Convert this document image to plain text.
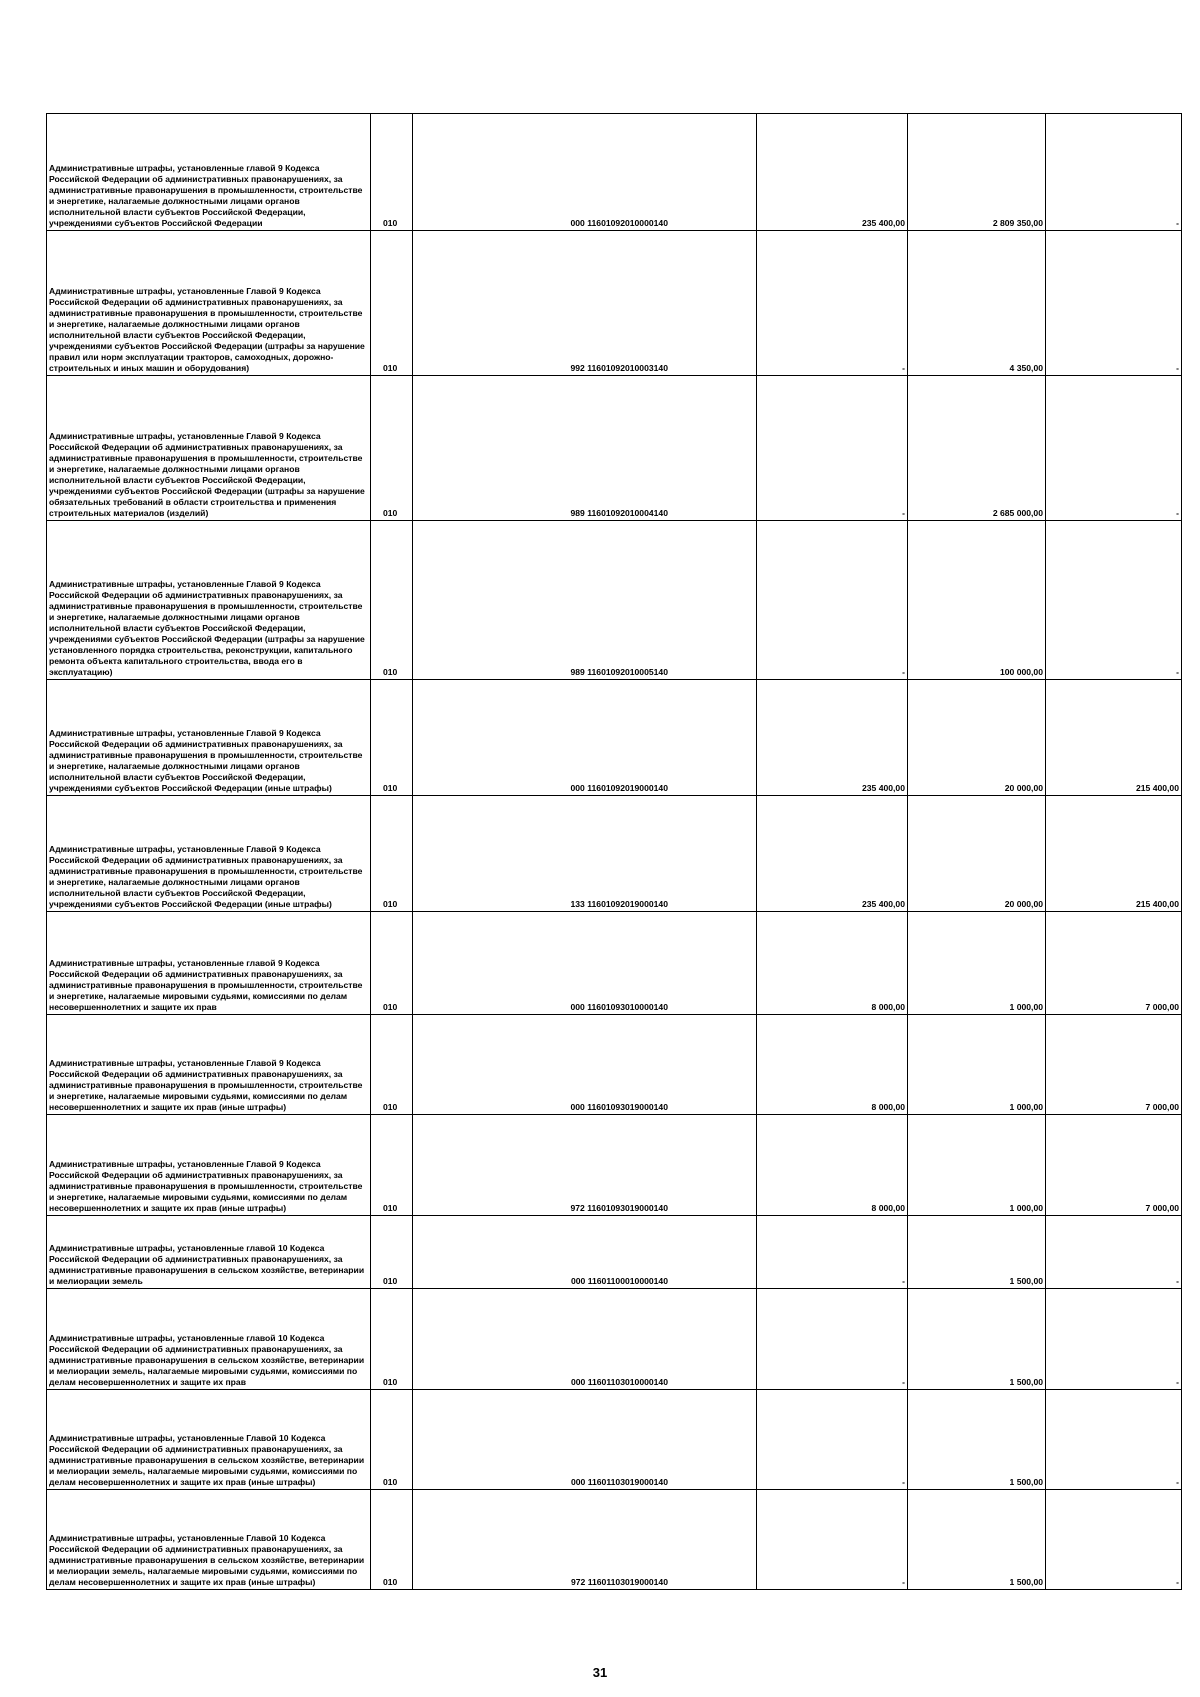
Административные штрафы, установленные главой 9 Кодекса Российской Федерации об административных правонарушениях, за административные правонарушения в промышленности, строительстве и энергетике, налагаемые должностными лицами органов исполнительной власти субъектов Российской Федерации, учреждениями субъектов Российской Федерации	010	000 11601092010000140	235 400,00	2 809 350,00	-
Административные штрафы, установленные Главой 9 Кодекса Российской Федерации об административных правонарушениях, за административные правонарушения в промышленности, строительстве и энергетике, налагаемые должностными лицами органов исполнительной власти субъектов Российской Федерации, учреждениями субъектов Российской Федерации (штрафы за нарушение правил или норм эксплуатации тракторов, самоходных, дорожно-строительных и иных машин и оборудования)	010	992 11601092010003140	-	4 350,00	-
Административные штрафы, установленные Главой 9 Кодекса Российской Федерации об административных правонарушениях, за административные правонарушения в промышленности, строительстве и энергетике, налагаемые должностными лицами органов исполнительной власти субъектов Российской Федерации, учреждениями субъектов Российской Федерации (штрафы за нарушение обязательных требований в области строительства и применения строительных материалов (изделий)	010	989 11601092010004140	-	2 685 000,00	-
Административные штрафы, установленные Главой 9 Кодекса Российской Федерации об административных правонарушениях, за административные правонарушения в промышленности, строительстве и энергетике, налагаемые должностными лицами органов исполнительной власти субъектов Российской Федерации, учреждениями субъектов Российской Федерации (штрафы за нарушение установленного порядка строительства, реконструкции, капитального ремонта объекта капитального строительства, ввода его в эксплуатацию)	010	989 11601092010005140	-	100 000,00	-
Административные штрафы, установленные Главой 9 Кодекса Российской Федерации об административных правонарушениях, за административные правонарушения в промышленности, строительстве и энергетике, налагаемые должностными лицами органов исполнительной власти субъектов Российской Федерации, учреждениями субъектов Российской Федерации (иные штрафы)	010	000 11601092019000140	235 400,00	20 000,00	215 400,00
Административные штрафы, установленные Главой 9 Кодекса Российской Федерации об административных правонарушениях, за административные правонарушения в промышленности, строительстве и энергетике, налагаемые должностными лицами органов исполнительной власти субъектов Российской Федерации, учреждениями субъектов Российской Федерации (иные штрафы)	010	133 11601092019000140	235 400,00	20 000,00	215 400,00
Административные штрафы, установленные главой 9 Кодекса Российской Федерации об административных правонарушениях, за административные правонарушения в промышленности, строительстве и энергетике, налагаемые мировыми судьями, комиссиями по делам несовершеннолетних и защите их прав	010	000 11601093010000140	8 000,00	1 000,00	7 000,00
Административные штрафы, установленные Главой 9 Кодекса Российской Федерации об административных правонарушениях, за административные правонарушения в промышленности, строительстве и энергетике, налагаемые мировыми судьями, комиссиями по делам несовершеннолетних и защите их прав (иные штрафы)	010	000 11601093019000140	8 000,00	1 000,00	7 000,00
Административные штрафы, установленные Главой 9 Кодекса Российской Федерации об административных правонарушениях, за административные правонарушения в промышленности, строительстве и энергетике, налагаемые мировыми судьями, комиссиями по делам несовершеннолетних и защите их прав (иные штрафы)	010	972 11601093019000140	8 000,00	1 000,00	7 000,00
Административные штрафы, установленные главой 10 Кодекса Российской Федерации об административных правонарушениях, за административные правонарушения в сельском хозяйстве, ветеринарии и мелиорации земель	010	000 11601100010000140	-	1 500,00	-
Административные штрафы, установленные главой 10 Кодекса Российской Федерации об административных правонарушениях, за административные правонарушения в сельском хозяйстве, ветеринарии и мелиорации земель, налагаемые мировыми судьями, комиссиями по делам несовершеннолетних и защите их прав	010	000 11601103010000140	-	1 500,00	-
Административные штрафы, установленные Главой 10 Кодекса Российской Федерации об административных правонарушениях, за административные правонарушения в сельском хозяйстве, ветеринарии и мелиорации земель, налагаемые мировыми судьями, комиссиями по делам несовершеннолетних и защите их прав (иные штрафы)	010	000 11601103019000140	-	1 500,00	-
Административные штрафы, установленные Главой 10 Кодекса Российской Федерации об административных правонарушениях, за административные правонарушения в сельском хозяйстве, ветеринарии и мелиорации земель, налагаемые мировыми судьями, комиссиями по делам несовершеннолетних и защите их прав (иные штрафы)	010	972 11601103019000140	-	1 500,00	-
31
